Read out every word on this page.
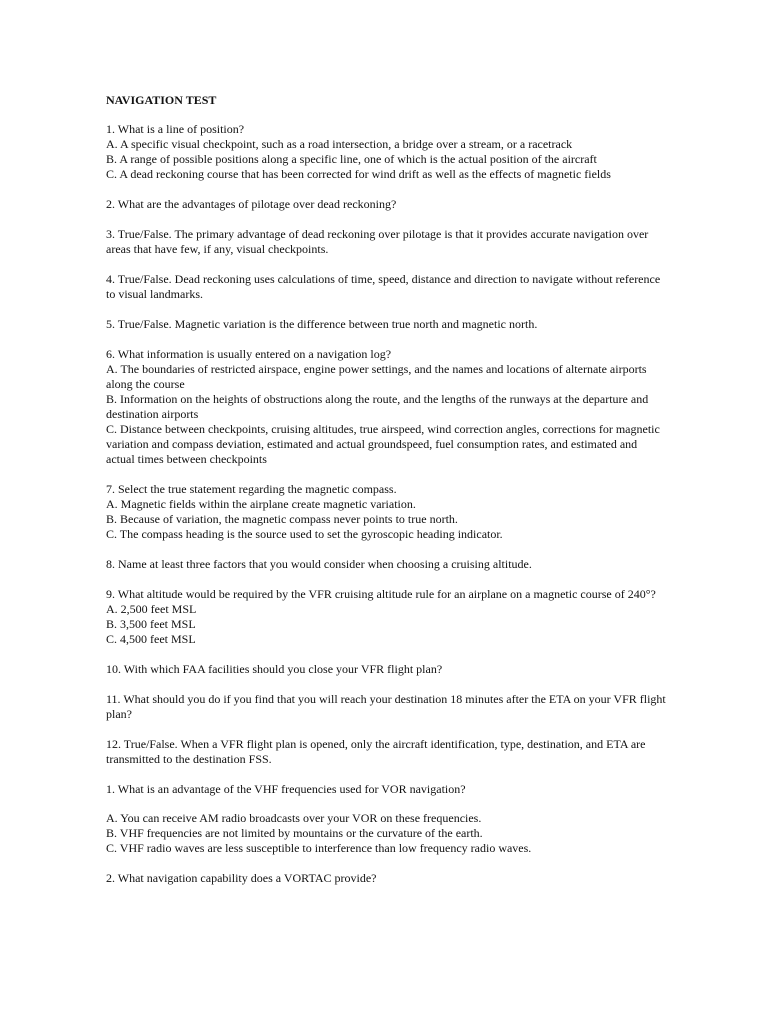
NAVIGATION TEST

1. What is a line of position?

A. A specific visual checkpoint, such as a road intersection, a bridge over a stream, or a racetrack

B. A range of possible positions along a specific line, one of which is the actual position of the aircraft

C. A dead reckoning course that has been corrected for wind drift as well as the effects of magnetic fields

2. What are the advantages of pilotage over dead reckoning?

3. True/False. The primary advantage of dead reckoning over pilotage is that it provides accurate navigation over areas that have few, if any, visual checkpoints.

4. True/False. Dead reckoning uses calculations of time, speed, distance and direction to navigate without reference to visual landmarks.

5. True/False. Magnetic variation is the difference between true north and magnetic north.

6. What information is usually entered on a navigation log?

A. The boundaries of restricted airspace, engine power settings, and the names and locations of alternate airports along the course

B. Information on the heights of obstructions along the route, and the lengths of the runways at the departure and destination airports

C. Distance between checkpoints, cruising altitudes, true airspeed, wind correction angles, corrections for magnetic variation and compass deviation, estimated and actual groundspeed, fuel consumption rates, and estimated and actual times between checkpoints

7. Select the true statement regarding the magnetic compass.

A. Magnetic fields within the airplane create magnetic variation.

B. Because of variation, the magnetic compass never points to true north.

C. The compass heading is the source used to set the gyroscopic heading indicator.

8. Name at least three factors that you would consider when choosing a cruising altitude.

9. What altitude would be required by the VFR cruising altitude rule for an airplane on a magnetic course of 240°?

A. 2,500 feet MSL

B. 3,500 feet MSL

C. 4,500 feet MSL

10. With which FAA facilities should you close your VFR flight plan?

11. What should you do if you find that you will reach your destination 18 minutes after the ETA on your VFR flight plan?

12. True/False. When a VFR flight plan is opened, only the aircraft identification, type, destination, and ETA are transmitted to the destination FSS.

1. What is an advantage of the VHF frequencies used for VOR navigation?

A. You can receive AM radio broadcasts over your VOR on these frequencies.

B. VHF frequencies are not limited by mountains or the curvature of the earth.

C. VHF radio waves are less susceptible to interference than low frequency radio waves.

2. What navigation capability does a VORTAC provide?
